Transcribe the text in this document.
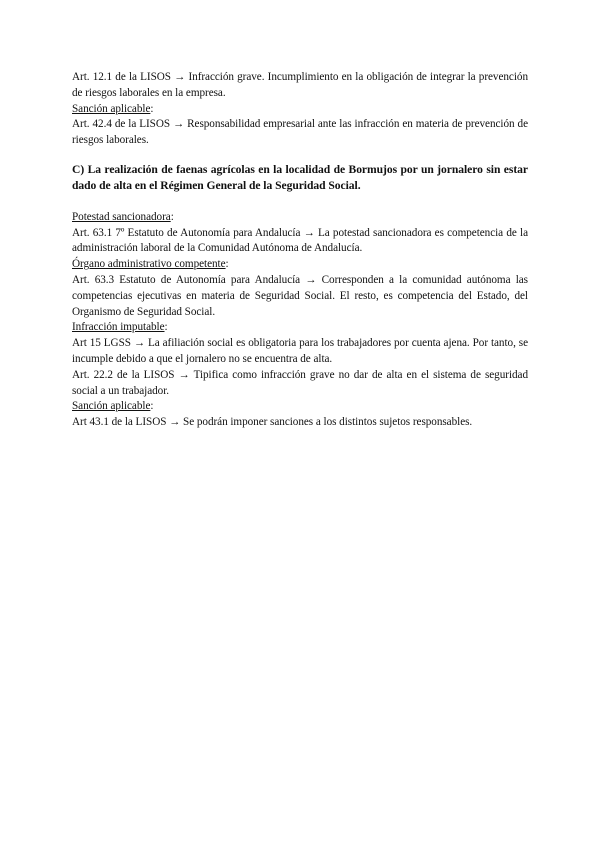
Art. 12.1 de la LISOS → Infracción grave. Incumplimiento en la obligación de integrar la prevención de riesgos laborales en la empresa.

Sanción aplicable:

Art. 42.4 de la LISOS → Responsabilidad empresarial ante las infracción en materia de prevención de riesgos laborales.

C) La realización de faenas agrícolas en la localidad de Bormujos por un jornalero sin estar dado de alta en el Régimen General de la Seguridad Social.

Potestad sancionadora:

Art. 63.1 7º Estatuto de Autonomía para Andalucía → La potestad sancionadora es competencia de la administración laboral de la Comunidad Autónoma de Andalucía.

Órgano administrativo competente:

Art. 63.3 Estatuto de Autonomía para Andalucía → Corresponden a la comunidad autónoma las competencias ejecutivas en materia de Seguridad Social. El resto, es competencia del Estado, del Organismo de Seguridad Social.

Infracción imputable:

Art 15 LGSS → La afiliación social es obligatoria para los trabajadores por cuenta ajena. Por tanto, se incumple debido a que el jornalero no se encuentra de alta.

Art. 22.2 de la LISOS → Tipifica como infracción grave no dar de alta en el sistema de seguridad social a un trabajador.

Sanción aplicable:

Art 43.1 de la LISOS → Se podrán imponer sanciones a los distintos sujetos responsables.
